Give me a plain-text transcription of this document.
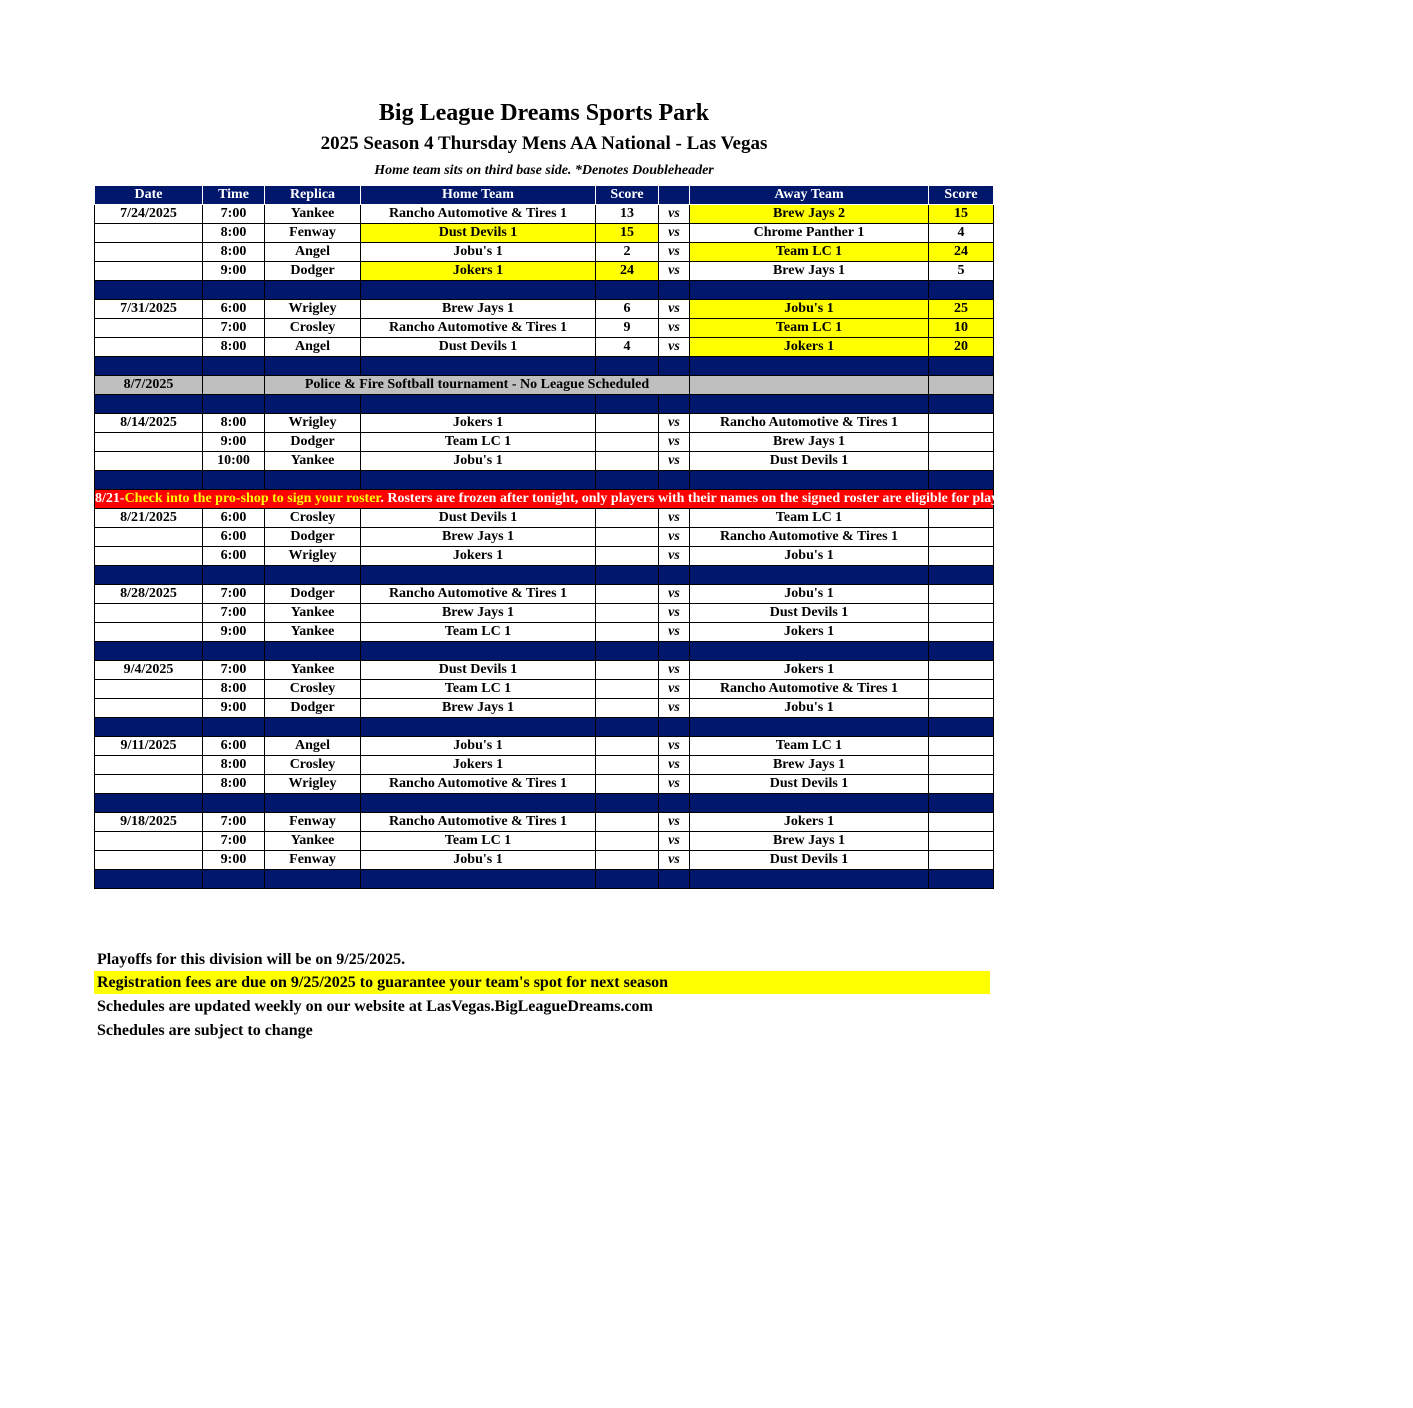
Big League Dreams Sports Park
2025 Season 4 Thursday Mens AA National - Las Vegas
Home team sits on third base side. *Denotes Doubleheader
Date	Time	Replica	Home Team	Score		Away Team	Score
7/24/2025	7:00	Yankee	Rancho Automotive & Tires 1	13	vs	Brew Jays 2	15
	8:00	Fenway	Dust Devils 1	15	vs	Chrome Panther 1	4
	8:00	Angel	Jobu's 1	2	vs	Team LC 1	24
	9:00	Dodger	Jokers 1	24	vs	Brew Jays 1	5

7/31/2025	6:00	Wrigley	Brew Jays 1	6	vs	Jobu's 1	25
	7:00	Crosley	Rancho Automotive & Tires 1	9	vs	Team LC 1	10
	8:00	Angel	Dust Devils 1	4	vs	Jokers 1	20

8/7/2025		Police & Fire Softball tournament - No League Scheduled					

8/14/2025	8:00	Wrigley	Jokers 1		vs	Rancho Automotive & Tires 1	
	9:00	Dodger	Team LC 1		vs	Brew Jays 1	
	10:00	Yankee	Jobu's 1		vs	Dust Devils 1	

8/21-Check into the pro-shop to sign your roster. Rosters are frozen after tonight, only players with their names on the signed roster are eligible for playoffs. Please check carefully as changes will not be made for omissions.							
8/21/2025	6:00	Crosley	Dust Devils 1		vs	Team LC 1	
	6:00	Dodger	Brew Jays 1		vs	Rancho Automotive & Tires 1	
	6:00	Wrigley	Jokers 1		vs	Jobu's 1	

8/28/2025	7:00	Dodger	Rancho Automotive & Tires 1		vs	Jobu's 1	
	7:00	Yankee	Brew Jays 1		vs	Dust Devils 1	
	9:00	Yankee	Team LC 1		vs	Jokers 1	

9/4/2025	7:00	Yankee	Dust Devils 1		vs	Jokers 1	
	8:00	Crosley	Team LC 1		vs	Rancho Automotive & Tires 1	
	9:00	Dodger	Brew Jays 1		vs	Jobu's 1	

9/11/2025	6:00	Angel	Jobu's 1		vs	Team LC 1	
	8:00	Crosley	Jokers 1		vs	Brew Jays 1	
	8:00	Wrigley	Rancho Automotive & Tires 1		vs	Dust Devils 1	

9/18/2025	7:00	Fenway	Rancho Automotive & Tires 1		vs	Jokers 1	
	7:00	Yankee	Team LC 1		vs	Brew Jays 1	
	9:00	Fenway	Jobu's 1		vs	Dust Devils 1	

Playoffs for this division will be on 9/25/2025.
Registration fees are due on 9/25/2025 to guarantee your team's spot for next season
Schedules are updated weekly on our website at LasVegas.BigLeagueDreams.com
Schedules are subject to change
